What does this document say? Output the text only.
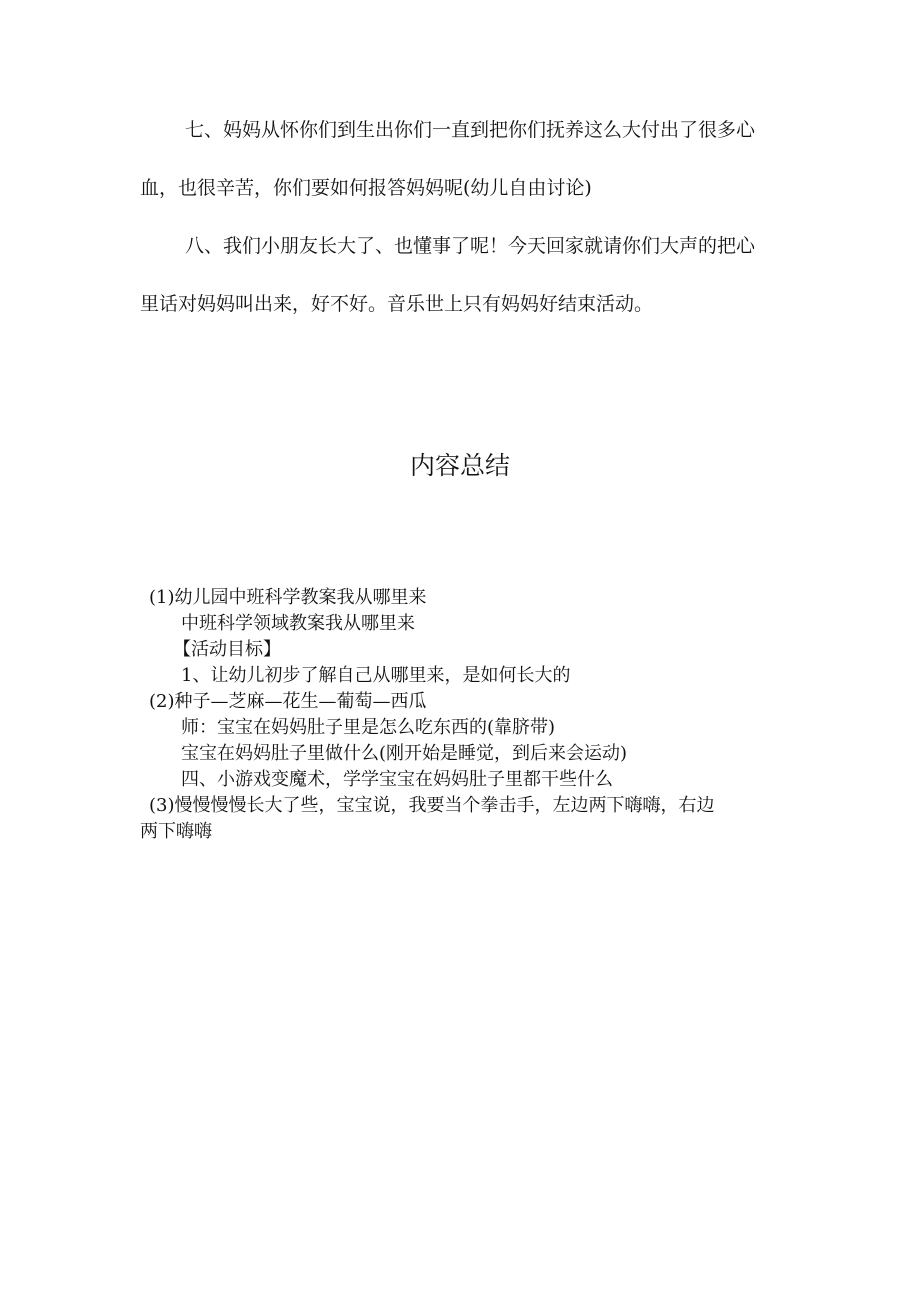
七、妈妈从怀你们到生出你们一直到把你们抚养这么大付出了很多心
血，也很辛苦，你们要如何报答妈妈呢(幼儿自由讨论)

八、我们小朋友长大了、也懂事了呢！今天回家就请你们大声的把心
里话对妈妈叫出来，好不好。音乐世上只有妈妈好结束活动。

内容总结
(1)幼儿园中班科学教案我从哪里来
中班科学领域教案我从哪里来
【活动目标】
1、让幼儿初步了解自己从哪里来，是如何长大的
(2)种子—芝麻—花生—葡萄—西瓜
师：宝宝在妈妈肚子里是怎么吃东西的(靠脐带)
宝宝在妈妈肚子里做什么(刚开始是睡觉，到后来会运动)
四、小游戏变魔术，学学宝宝在妈妈肚子里都干些什么
(3)慢慢慢慢长大了些，宝宝说，我要当个拳击手，左边两下嗨嗨，右边
两下嗨嗨
